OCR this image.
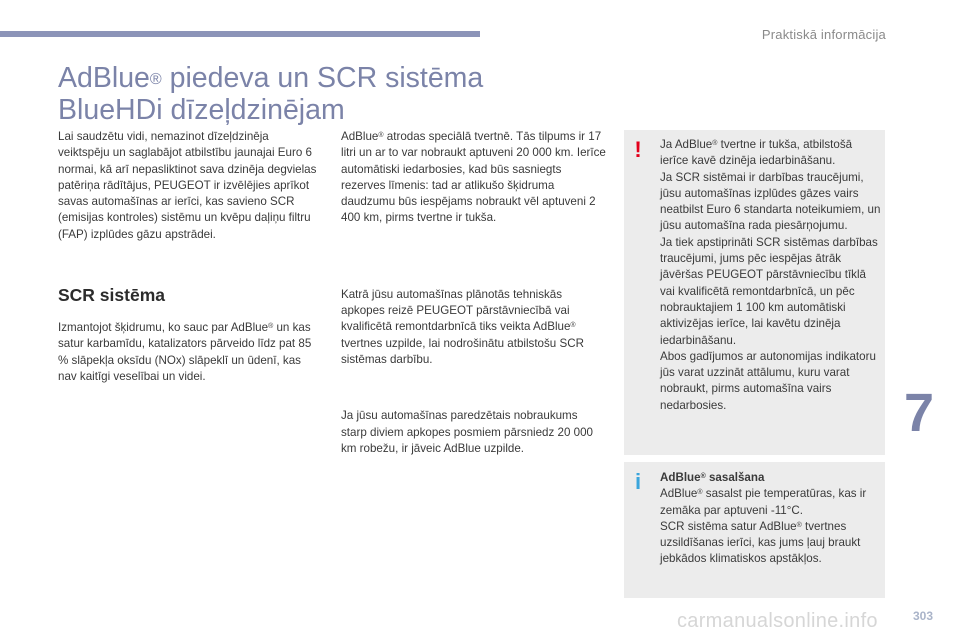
Praktiskā informācija
AdBlue® piedeva un SCR sistēma
BlueHDi dīzeļdzinējam

Lai saudzētu vidi, nemazinot dīzeļdzinēja veiktspēju un saglabājot atbilstību jaunajai Euro 6 normai, kā arī nepasliktinot sava dzinēja degvielas patēriņa rādītājus, PEUGEOT ir izvēlējies aprīkot savas automašīnas ar ierīci, kas savieno SCR (emisijas kontroles) sistēmu un kvēpu daļiņu filtru (FAP) izplūdes gāzu apstrādei.

SCR sistēma

Izmantojot šķidrumu, ko sauc par AdBlue® un kas satur karbamīdu, katalizators pārveido līdz pat 85 % slāpekļa oksīdu (NOx) slāpeklī un ūdenī, kas nav kaitīgi veselībai un videi.

AdBlue® atrodas speciālā tvertnē. Tās tilpums ir 17 litri un ar to var nobraukt aptuveni 20 000 km. Ierīce automātiski iedarbosies, kad būs sasniegts rezerves līmenis: tad ar atlikušo šķidruma daudzumu būs iespējams nobraukt vēl aptuveni 2 400 km, pirms tvertne ir tukša.

Katrā jūsu automašīnas plānotās tehniskās apkopes reizē PEUGEOT pārstāvniecībā vai kvalificētā remontdarbnīcā tiks veikta AdBlue® tvertnes uzpilde, lai nodrošinātu atbilstošu SCR sistēmas darbību.

Ja jūsu automašīnas paredzētais nobraukums starp diviem apkopes posmiem pārsniedz 20 000 km robežu, ir jāveic AdBlue uzpilde.

! Ja AdBlue® tvertne ir tukša, atbilstošā ierīce kavē dzinēja iedarbināšanu.

Ja SCR sistēmai ir darbības traucējumi, jūsu automašīnas izplūdes gāzes vairs neatbilst Euro 6 standarta noteikumiem, un jūsu automašīna rada piesārņojumu.

Ja tiek apstiprināti SCR sistēmas darbības traucējumi, jums pēc iespējas ātrāk jāvēršas PEUGEOT pārstāvniecību tīklā vai kvalificētā remontdarbnīcā, un pēc nobrauktajiem 1 100 km automātiski aktivizējas ierīce, lai kavētu dzinēja iedarbināšanu.

Abos gadījumos ar autonomijas indikatoru jūs varat uzzināt attālumu, kuru varat nobraukt, pirms automašīna vairs nedarbosies.

i AdBlue® sasalšana

AdBlue® sasalst pie temperatūras, kas ir zemāka par aptuveni -11°C.

SCR sistēma satur AdBlue® tvertnes uzsildīšanas ierīci, kas jums ļauj braukt jebkādos klimatiskos apstākļos.

7
carmanualsonline.info	303
